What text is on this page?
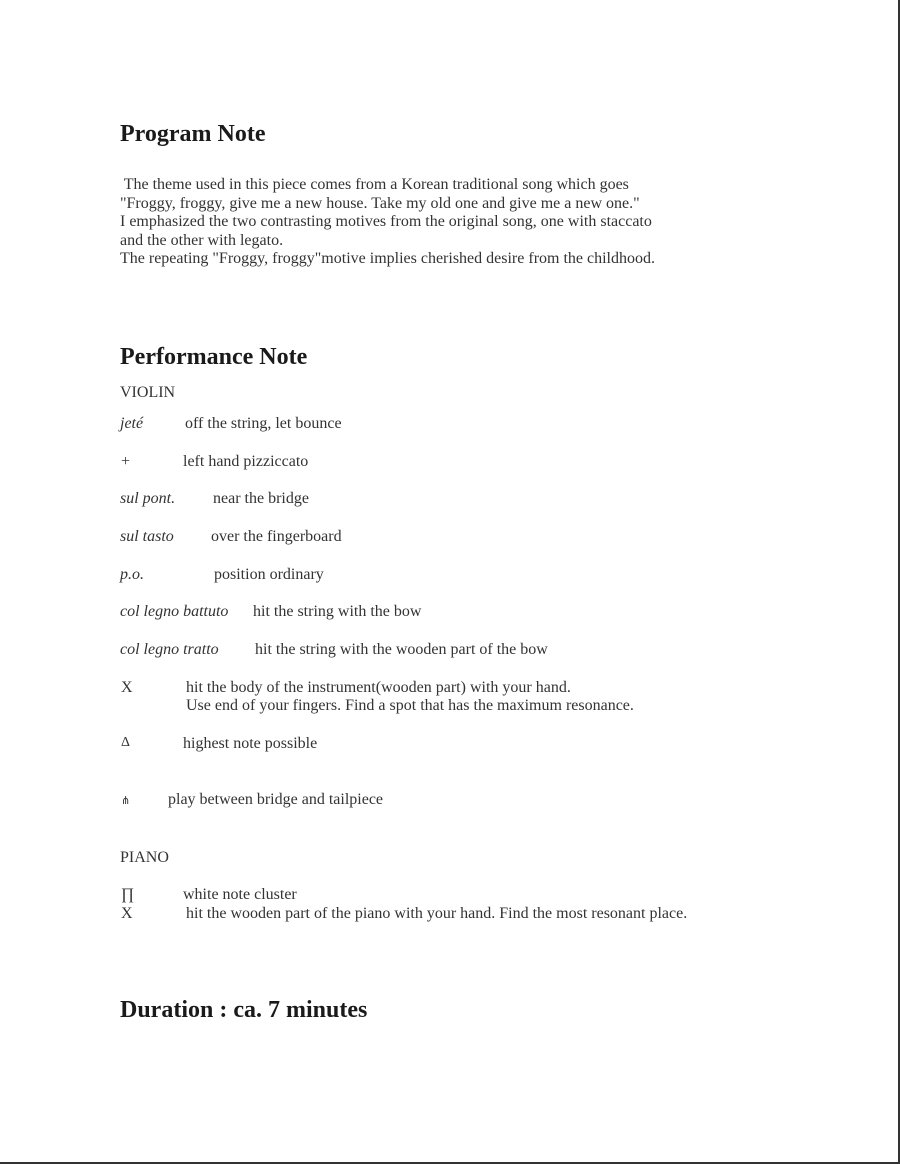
Program Note
The theme used in this piece comes from a Korean traditional song which goes
"Froggy, froggy, give me a new house. Take my old one and give me a new one."
I emphasized the two contrasting motives from the original song, one with staccato
and the other with legato.
The repeating "Froggy, froggy"motive implies cherished desire from the childhood.
Performance Note
VIOLIN
jeté	off the string, let bounce
+	left hand pizziccato
sul pont. near the bridge
sul tasto over the fingerboard
p.o.	position ordinary
col legno battuto hit the string with the bow
col legno tratto hit the string with the wooden part of the bow
X	hit the body of the instrument(wooden part) with your hand.
Use end of your fingers. Find a spot that has the maximum resonance.
Δ	highest note possible
⋔ play between bridge and tailpiece
PIANO
∏	white note cluster
X	hit the wooden part of the piano with your hand. Find the most resonant place.
Duration : ca. 7 minutes
